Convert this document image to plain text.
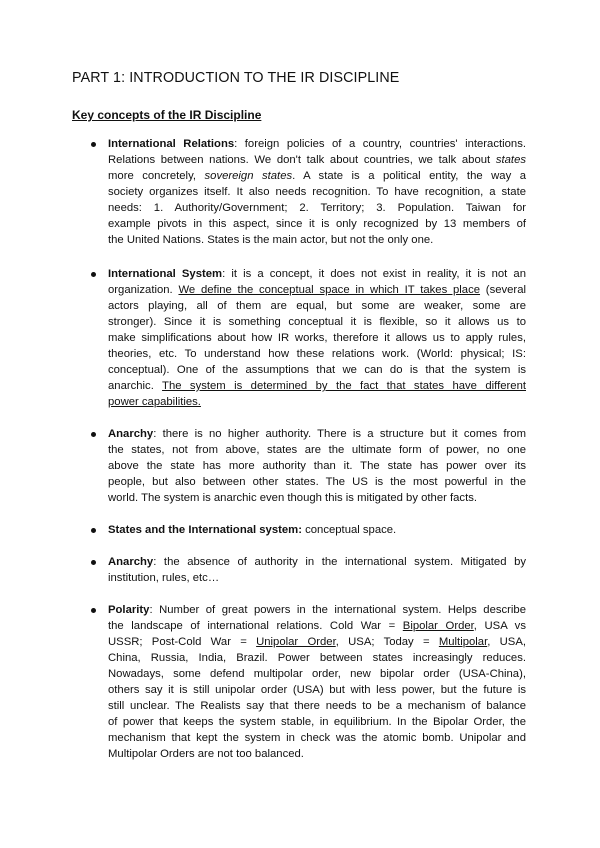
PART 1: INTRODUCTION TO THE IR DISCIPLINE
Key concepts of the IR Discipline
International Relations: foreign policies of a country, countries' interactions.
Relations between nations. We don't talk about countries, we talk about states
more concretely, sovereign states. A state is a political entity, the way a
society organizes itself. It also needs recognition. To have recognition, a state
needs: 1. Authority/Government; 2. Territory; 3. Population. Taiwan for
example pivots in this aspect, since it is only recognized by 13 members of
the United Nations. States is the main actor, but not the only one.
International System: it is a concept, it does not exist in reality, it is not an
organization. We define the conceptual space in which IT takes place (several
actors playing, all of them are equal, but some are weaker, some are
stronger). Since it is something conceptual it is flexible, so it allows us to
make simplifications about how IR works, therefore it allows us to apply rules,
theories, etc. To understand how these relations work. (World: physical; IS:
conceptual). One of the assumptions that we can do is that the system is
anarchic. The system is determined by the fact that states have different
power capabilities.
Anarchy: there is no higher authority. There is a structure but it comes from
the states, not from above, states are the ultimate form of power, no one
above the state has more authority than it. The state has power over its
people, but also between other states. The US is the most powerful in the
world. The system is anarchic even though this is mitigated by other facts.
States and the International system: conceptual space.
Anarchy: the absence of authority in the international system. Mitigated by
institution, rules, etc…
Polarity: Number of great powers in the international system. Helps describe
the landscape of international relations. Cold War = Bipolar Order, USA vs
USSR; Post-Cold War = Unipolar Order, USA; Today = Multipolar, USA,
China, Russia, India, Brazil. Power between states increasingly reduces.
Nowadays, some defend multipolar order, new bipolar order (USA-China),
others say it is still unipolar order (USA) but with less power, but the future is
still unclear. The Realists say that there needs to be a mechanism of balance
of power that keeps the system stable, in equilibrium. In the Bipolar Order, the
mechanism that kept the system in check was the atomic bomb. Unipolar and
Multipolar Orders are not too balanced.
